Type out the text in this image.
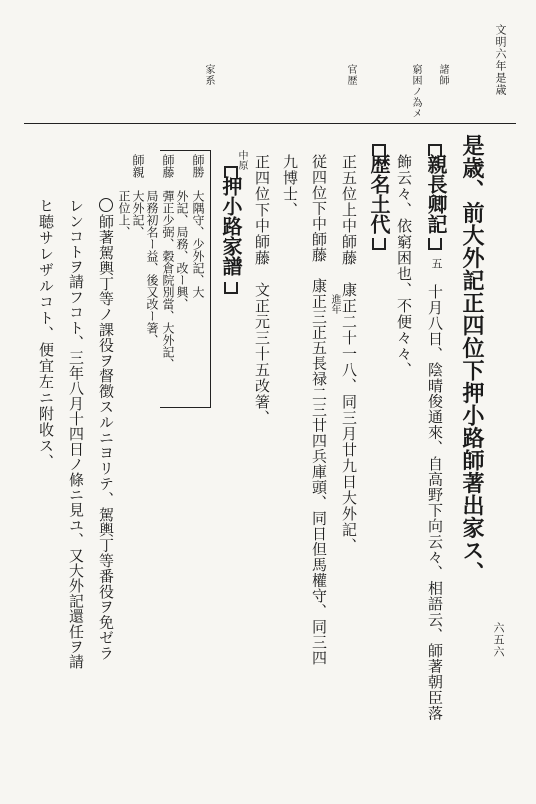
文明六年是歳
六五六
諸師
窮困ノ為メ
官歴
家系
是歳、前大外記正四位下押小路師著出家ス、
親長卿記
五
十月八日、陰晴俊通來、自高野下向云々、相語云、師著朝臣落
飾云々、依窮困也、不便々々、
歴名土代
正五位上中師藤　康正二十一八、同三月廿九日大外記、
進年
従四位下中師藤　康正三正五長禄二三廿四兵庫頭、同日但馬權守、同三四
九博士、
正四位下中師藤　文正元三十五改箸、
中原
押小路家譜
師勝　大隅守、少外記、大
　　　外記、局務、改ー興、
師藤　彈正少弼、穀倉院別當、大外記、
　　　局務初名ー益、後又改ー箸、
師親　大外記、
　　　正位上、
師著駕輿丁等ノ課役ヲ督徴スルニヨリテ、駕輿丁等番役ヲ免ゼラ
レンコトヲ請フコト、三年八月十四日ノ條ニ見ユ、又大外記還任ヲ請
ヒ聴サレザルコト、便宜左ニ附收ス、
